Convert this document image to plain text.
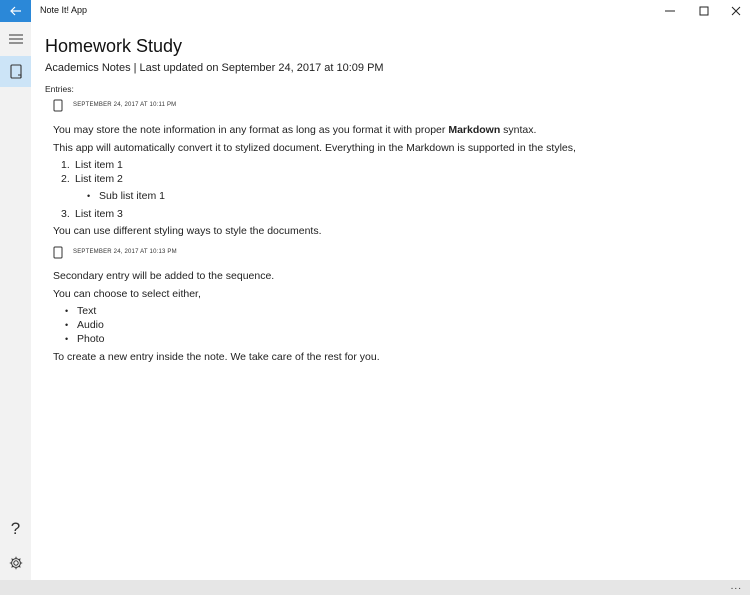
Note It! App
?
Homework Study
Academics Notes | Last updated on September 24, 2017 at 10:09 PM
Entries:
SEPTEMBER 24, 2017 AT 10:11 PM
You may store the note information in any format as long as you format it with proper Markdown syntax.
This app will automatically convert it to stylized document. Everything in the Markdown is supported in the styles,
1. List item 1
2. List item 2
• Sub list item 1
3. List item 3
You can use different styling ways to style the documents.
SEPTEMBER 24, 2017 AT 10:13 PM
Secondary entry will be added to the sequence.
You can choose to select either,
• Text
• Audio
• Photo
To create a new entry inside the note. We take care of the rest for you.
...
